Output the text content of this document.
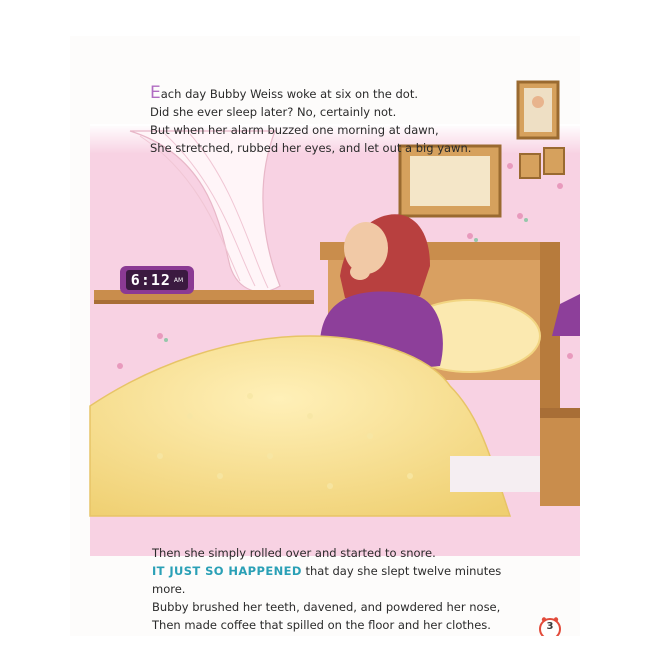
6:12 AM
Each day Bubby Weiss woke at six on the dot.
Did she ever sleep later? No, certainly not.
But when her alarm buzzed one morning at dawn,
She stretched, rubbed her eyes, and let out a big yawn.
Then she simply rolled over and started to snore.
IT JUST SO HAPPENED that day she slept twelve minutes more.
Bubby brushed her teeth, davened, and powdered her nose,
Then made coffee that spilled on the floor and her clothes.	3
